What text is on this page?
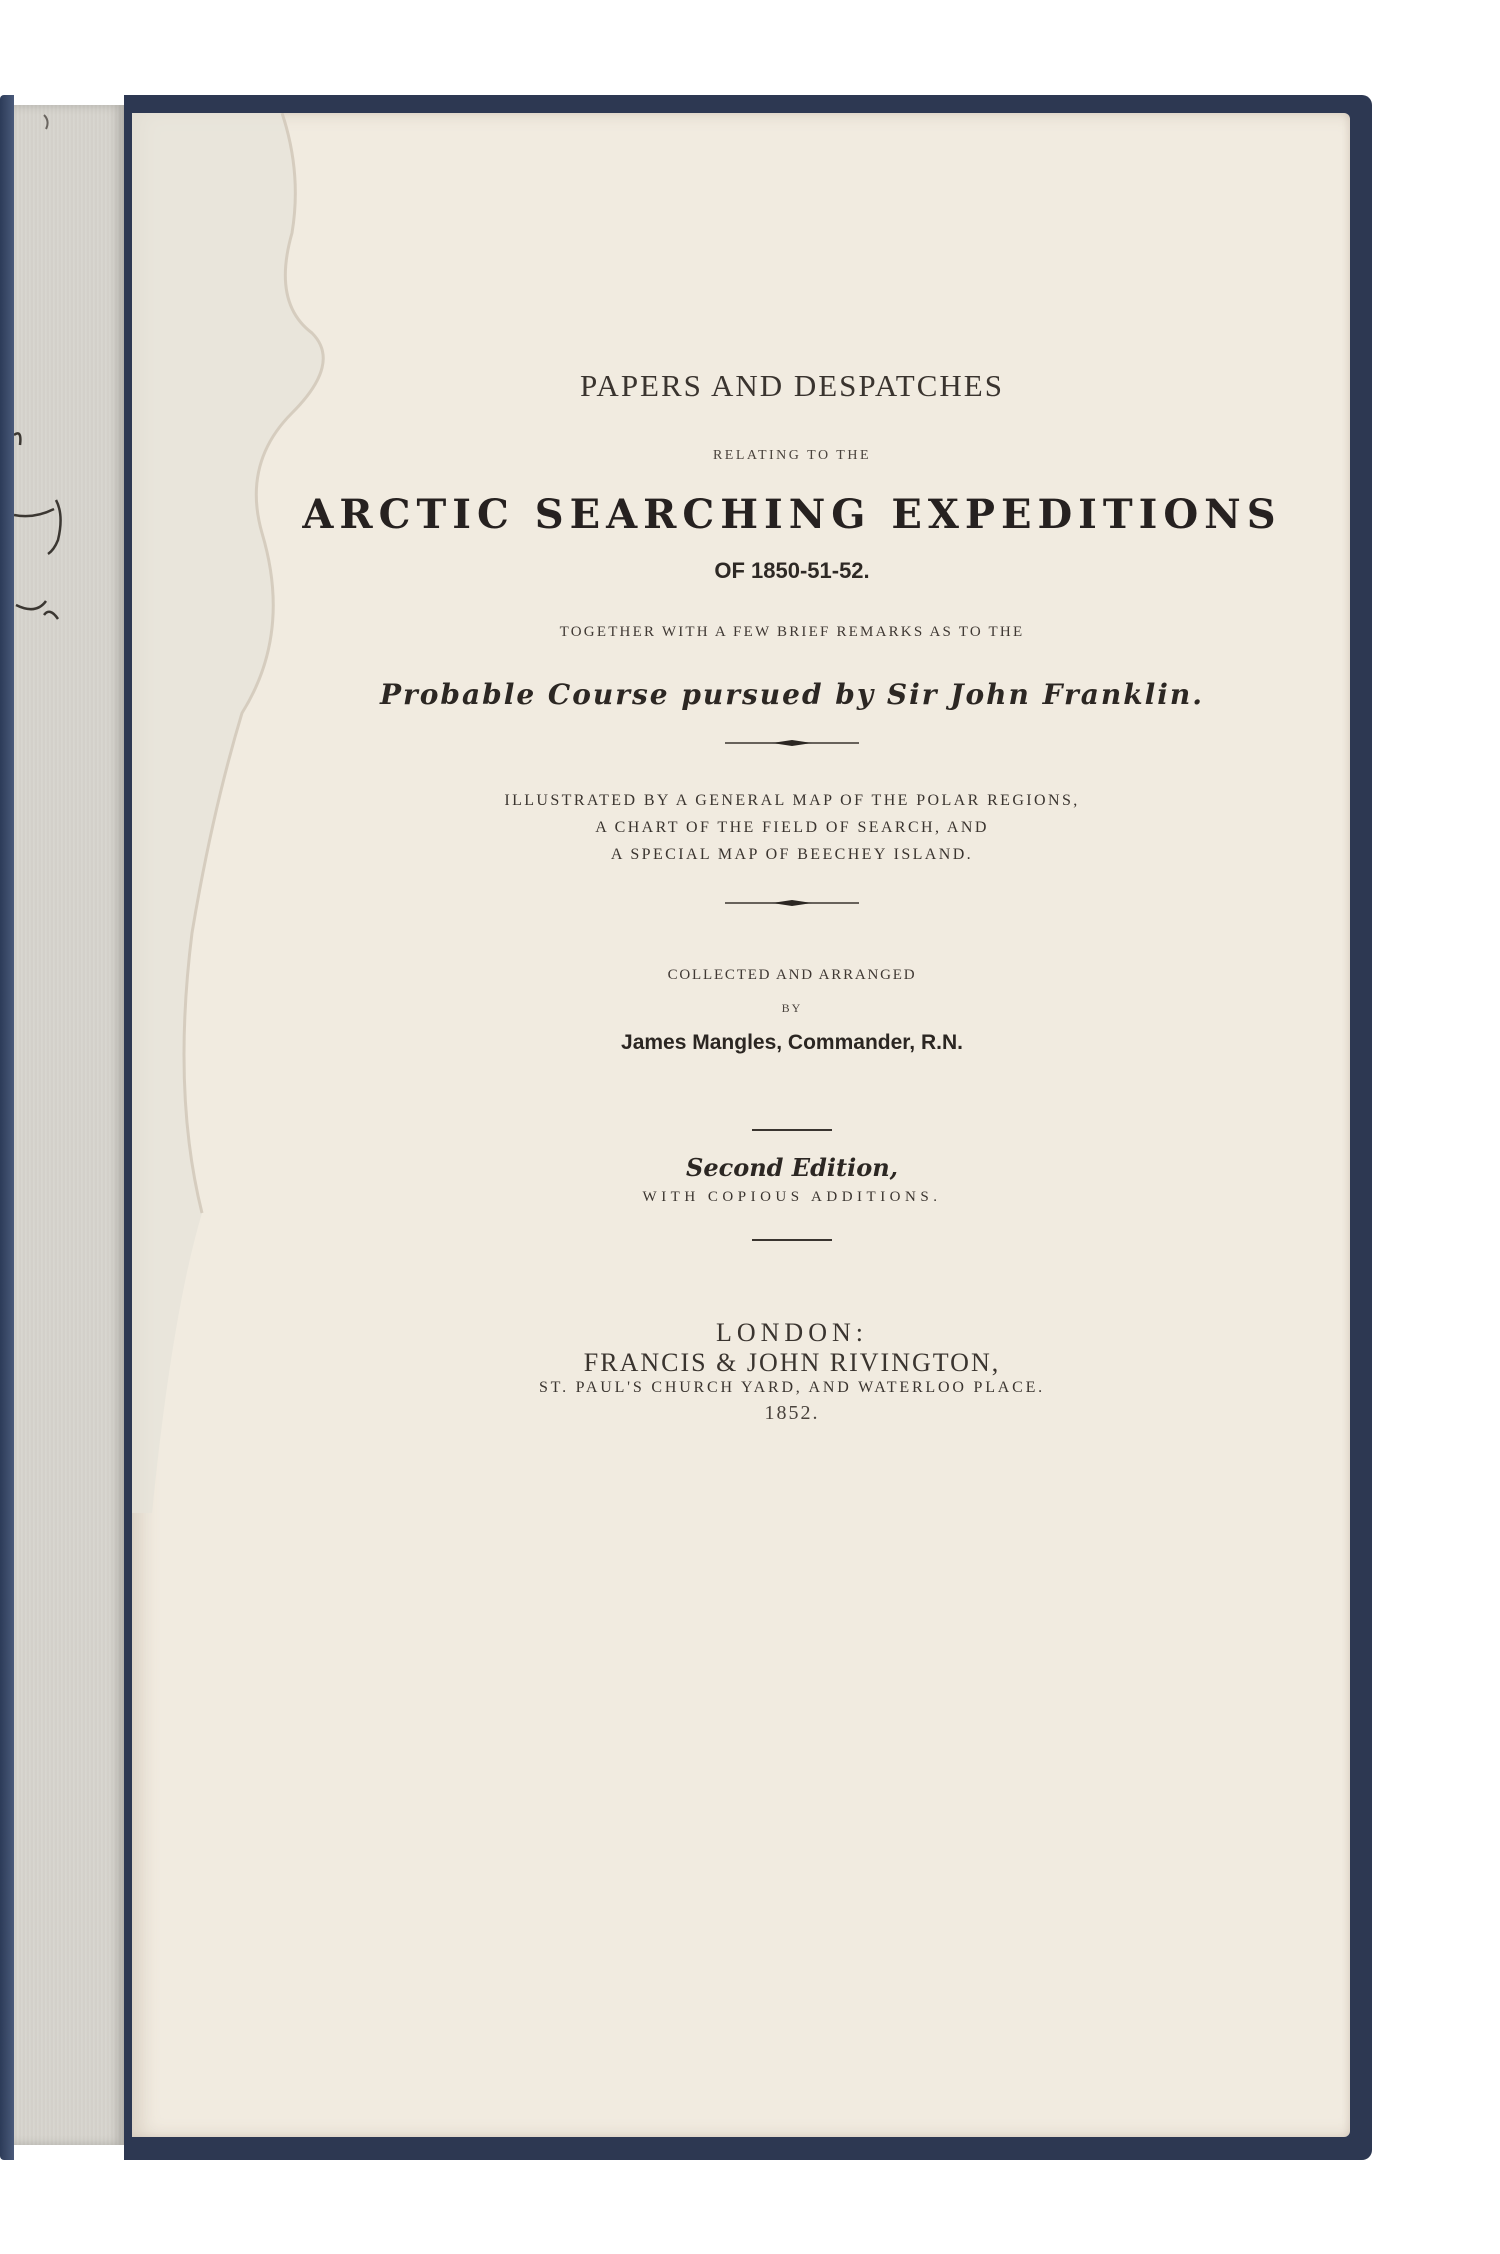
PAPERS AND DESPATCHES

RELATING TO THE

ARCTIC SEARCHING EXPEDITIONS

OF 1850-51-52.

TOGETHER WITH A FEW BRIEF REMARKS AS TO THE

Probable Course pursued by Sir John Franklin.

ILLUSTRATED BY A GENERAL MAP OF THE POLAR REGIONS,

A CHART OF THE FIELD OF SEARCH, AND

A SPECIAL MAP OF BEECHEY ISLAND.

COLLECTED AND ARRANGED

BY

James Mangles, Commander, R.N.

Second Edition,

WITH COPIOUS ADDITIONS.

LONDON:

FRANCIS & JOHN RIVINGTON,

ST. PAUL'S CHURCH YARD, AND WATERLOO PLACE.

1852.
